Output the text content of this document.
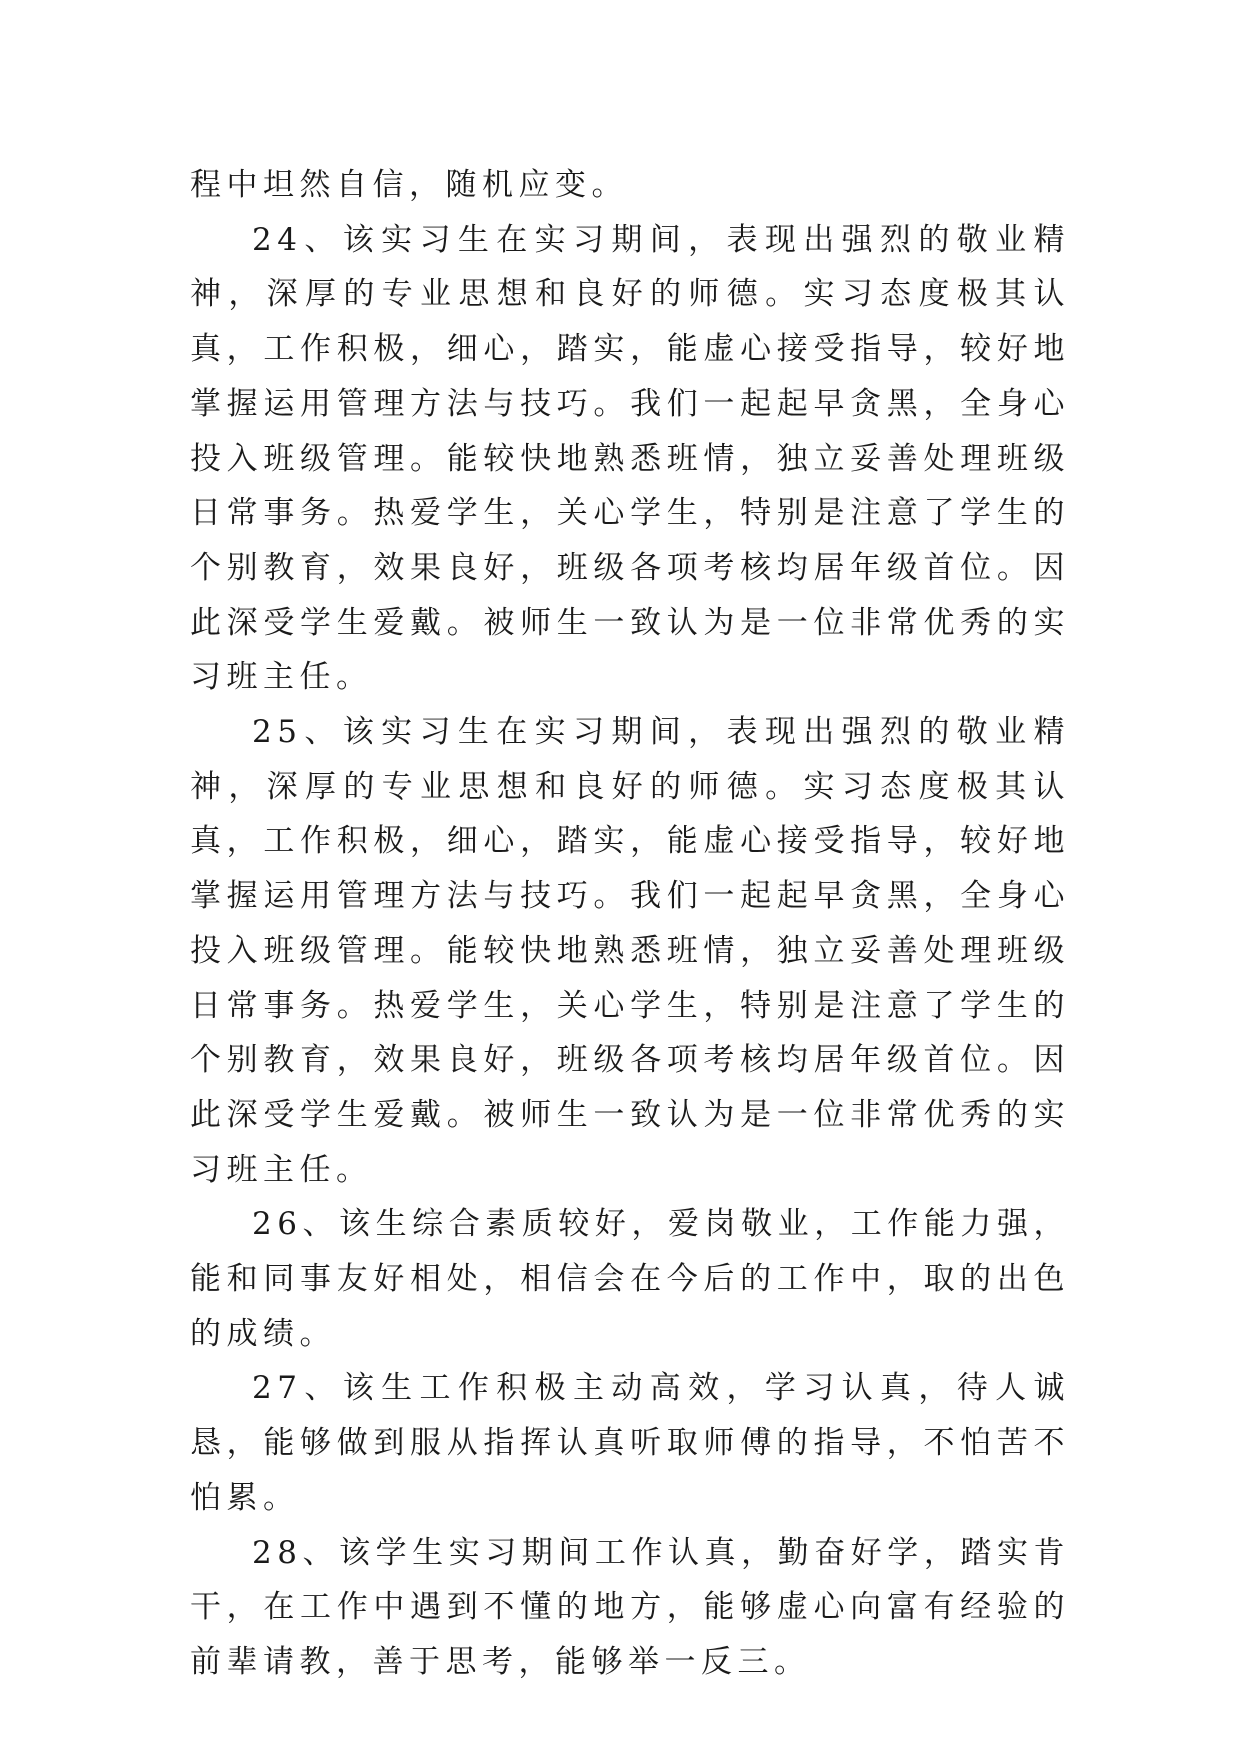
程中坦然自信，随机应变。

24、该实习生在实习期间，表现出强烈的敬业精神，深厚的专业思想和良好的师德。实习态度极其认真，工作积极，细心，踏实，能虚心接受指导，较好地掌握运用管理方法与技巧。我们一起起早贪黑，全身心投入班级管理。能较快地熟悉班情，独立妥善处理班级日常事务。热爱学生，关心学生，特别是注意了学生的个别教育，效果良好，班级各项考核均居年级首位。因此深受学生爱戴。被师生一致认为是一位非常优秀的实习班主任。

25、该实习生在实习期间，表现出强烈的敬业精神，深厚的专业思想和良好的师德。实习态度极其认真，工作积极，细心，踏实，能虚心接受指导，较好地掌握运用管理方法与技巧。我们一起起早贪黑，全身心投入班级管理。能较快地熟悉班情，独立妥善处理班级日常事务。热爱学生，关心学生，特别是注意了学生的个别教育，效果良好，班级各项考核均居年级首位。因此深受学生爱戴。被师生一致认为是一位非常优秀的实习班主任。

26、该生综合素质较好，爱岗敬业，工作能力强，能和同事友好相处，相信会在今后的工作中，取的出色的成绩。

27、该生工作积极主动高效，学习认真，待人诚恳，能够做到服从指挥认真听取师傅的指导，不怕苦不怕累。

28、该学生实习期间工作认真，勤奋好学，踏实肯干，在工作中遇到不懂的地方，能够虚心向富有经验的前辈请教，善于思考，能够举一反三。
